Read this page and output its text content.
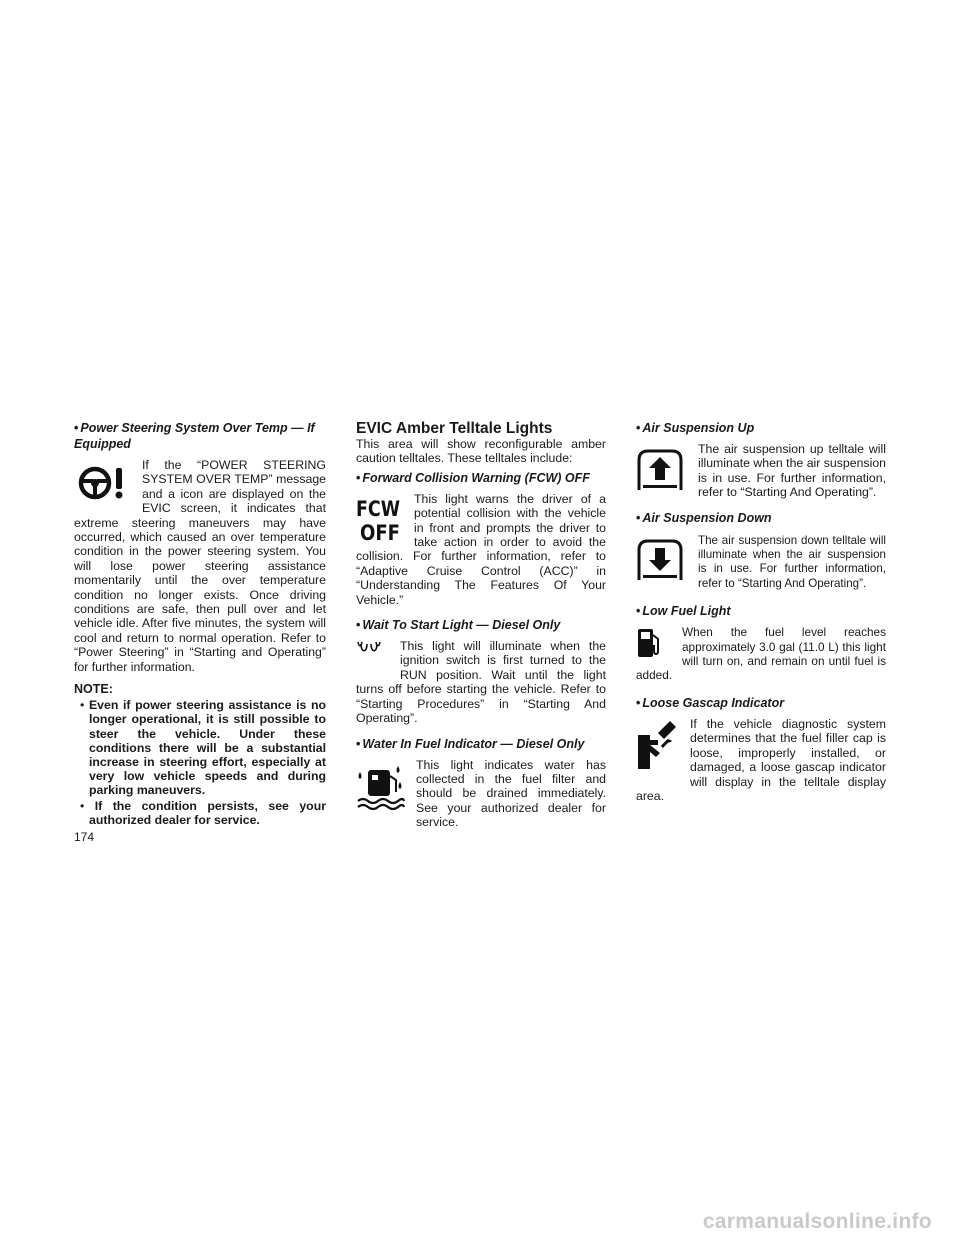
• Power Steering System Over Temp — If

Equipped

If the “POWER STEERING SYSTEM OVER TEMP” message and a icon are displayed on the EVIC screen, it indicates that extreme steering maneuvers may have occurred, which caused an over temperature condition in the power steering system. You will lose power steering assistance momentarily until the over temperature condition no longer exists. Once driving conditions are safe, then pull over and let vehicle idle. After five minutes, the system will cool and return to normal operation. Refer to “Power Steering” in “Starting and Operating” for further information.

NOTE:

• Even if power steering assistance is no longer operational, it is still possible to steer the vehicle. Under these conditions there will be a substantial increase in steering effort, especially at very low vehicle speeds and during parking maneuvers.

• If the condition persists, see your authorized dealer for service.

EVIC Amber Telltale Lights

This area will show reconfigurable amber caution telltales. These telltales include:

• Forward Collision Warning (FCW) OFF

FCW
OFF

This light warns the driver of a potential collision with the vehicle in front and prompts the driver to take action in order to avoid the collision. For further information, refer to “Adaptive Cruise Control (ACC)” in “Understanding The Features Of Your Vehicle.”

• Wait To Start Light — Diesel Only

This light will illuminate when the ignition switch is first turned to the RUN position. Wait until the light turns off before starting the vehicle. Refer to “Starting Procedures” in “Starting And Operating”.

• Water In Fuel Indicator — Diesel Only

This light indicates water has collected in the fuel filter and should be drained immediately. See your authorized dealer for service.

• Air Suspension Up

The air suspension up telltale will illuminate when the air suspension is in use. For further information, refer to “Starting And Operating”.

• Air Suspension Down

The air suspension down telltale will illuminate when the air suspension is in use. For further information, refer to “Starting And Operating”.

• Low Fuel Light

When the fuel level reaches approximately 3.0 gal (11.0 L) this light will turn on, and remain on until fuel is added.

• Loose Gascap Indicator

If the vehicle diagnostic system determines that the fuel filler cap is loose, improperly installed, or damaged, a loose gascap indicator will display in the telltale display area.

174
carmanualsonline.info
